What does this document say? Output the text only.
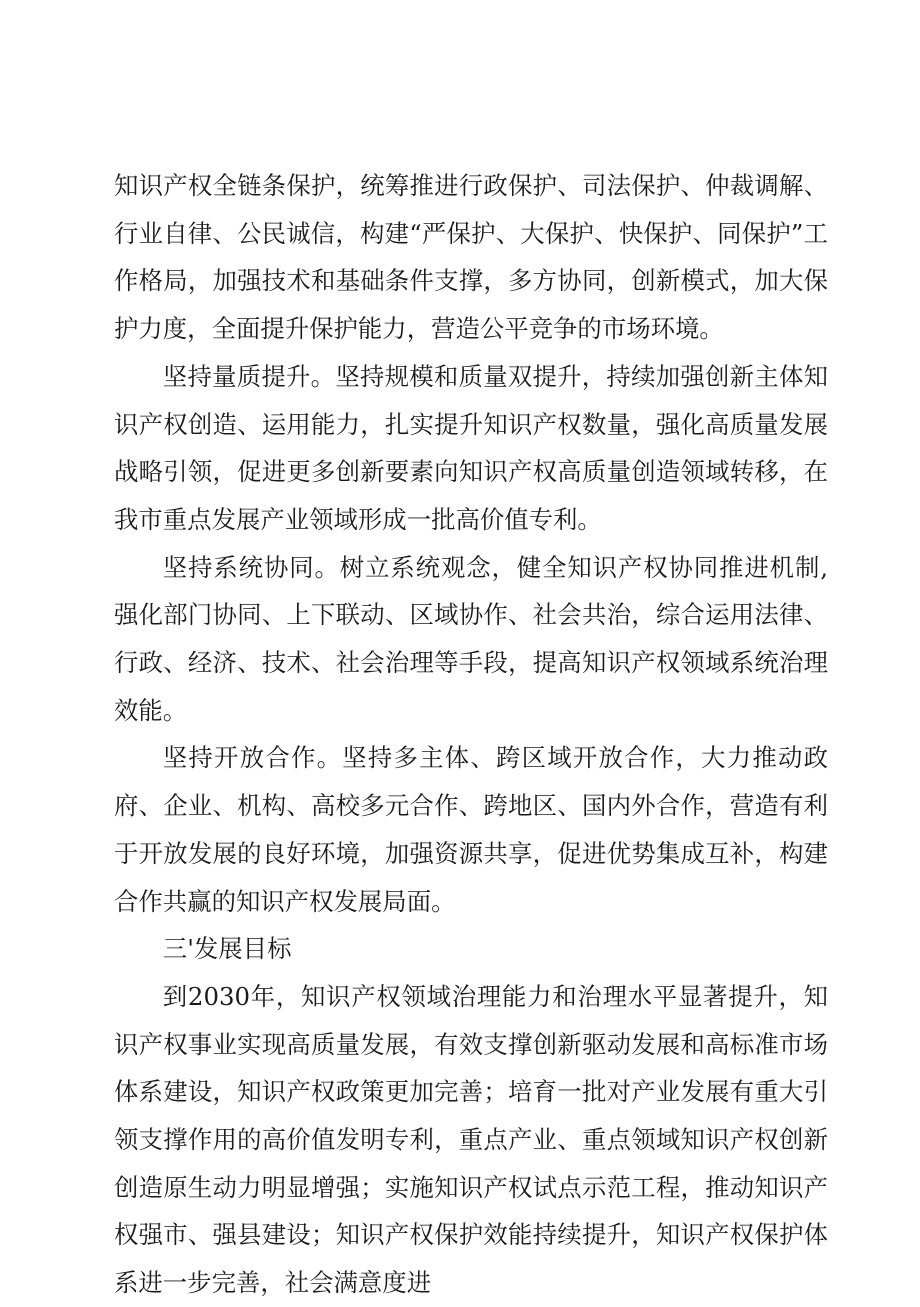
知识产权全链条保护，统筹推进行政保护、司法保护、仲裁调解、行业自律、公民诚信，构建“严保护、大保护、快保护、同保护”工作格局，加强技术和基础条件支撑，多方协同，创新模式，加大保护力度，全面提升保护能力，营造公平竞争的市场环境。

坚持量质提升。坚持规模和质量双提升，持续加强创新主体知识产权创造、运用能力，扎实提升知识产权数量，强化高质量发展战略引领，促进更多创新要素向知识产权高质量创造领域转移，在我市重点发展产业领域形成一批高价值专利。

坚持系统协同。树立系统观念，健全知识产权协同推进机制,强化部门协同、上下联动、区域协作、社会共治，综合运用法律、行政、经济、技术、社会治理等手段，提高知识产权领域系统治理效能。

坚持开放合作。坚持多主体、跨区域开放合作，大力推动政府、企业、机构、高校多元合作、跨地区、国内外合作，营造有利于开放发展的良好环境，加强资源共享，促进优势集成互补，构建合作共赢的知识产权发展局面。

三'发展目标

到2030年，知识产权领域治理能力和治理水平显著提升，知识产权事业实现高质量发展，有效支撑创新驱动发展和高标准市场体系建设，知识产权政策更加完善；培育一批对产业发展有重大引领支撑作用的高价值发明专利，重点产业、重点领域知识产权创新创造原生动力明显增强；实施知识产权试点示范工程，推动知识产权强市、强县建设；知识产权保护效能持续提升，知识产权保护体系进一步完善，社会满意度进
